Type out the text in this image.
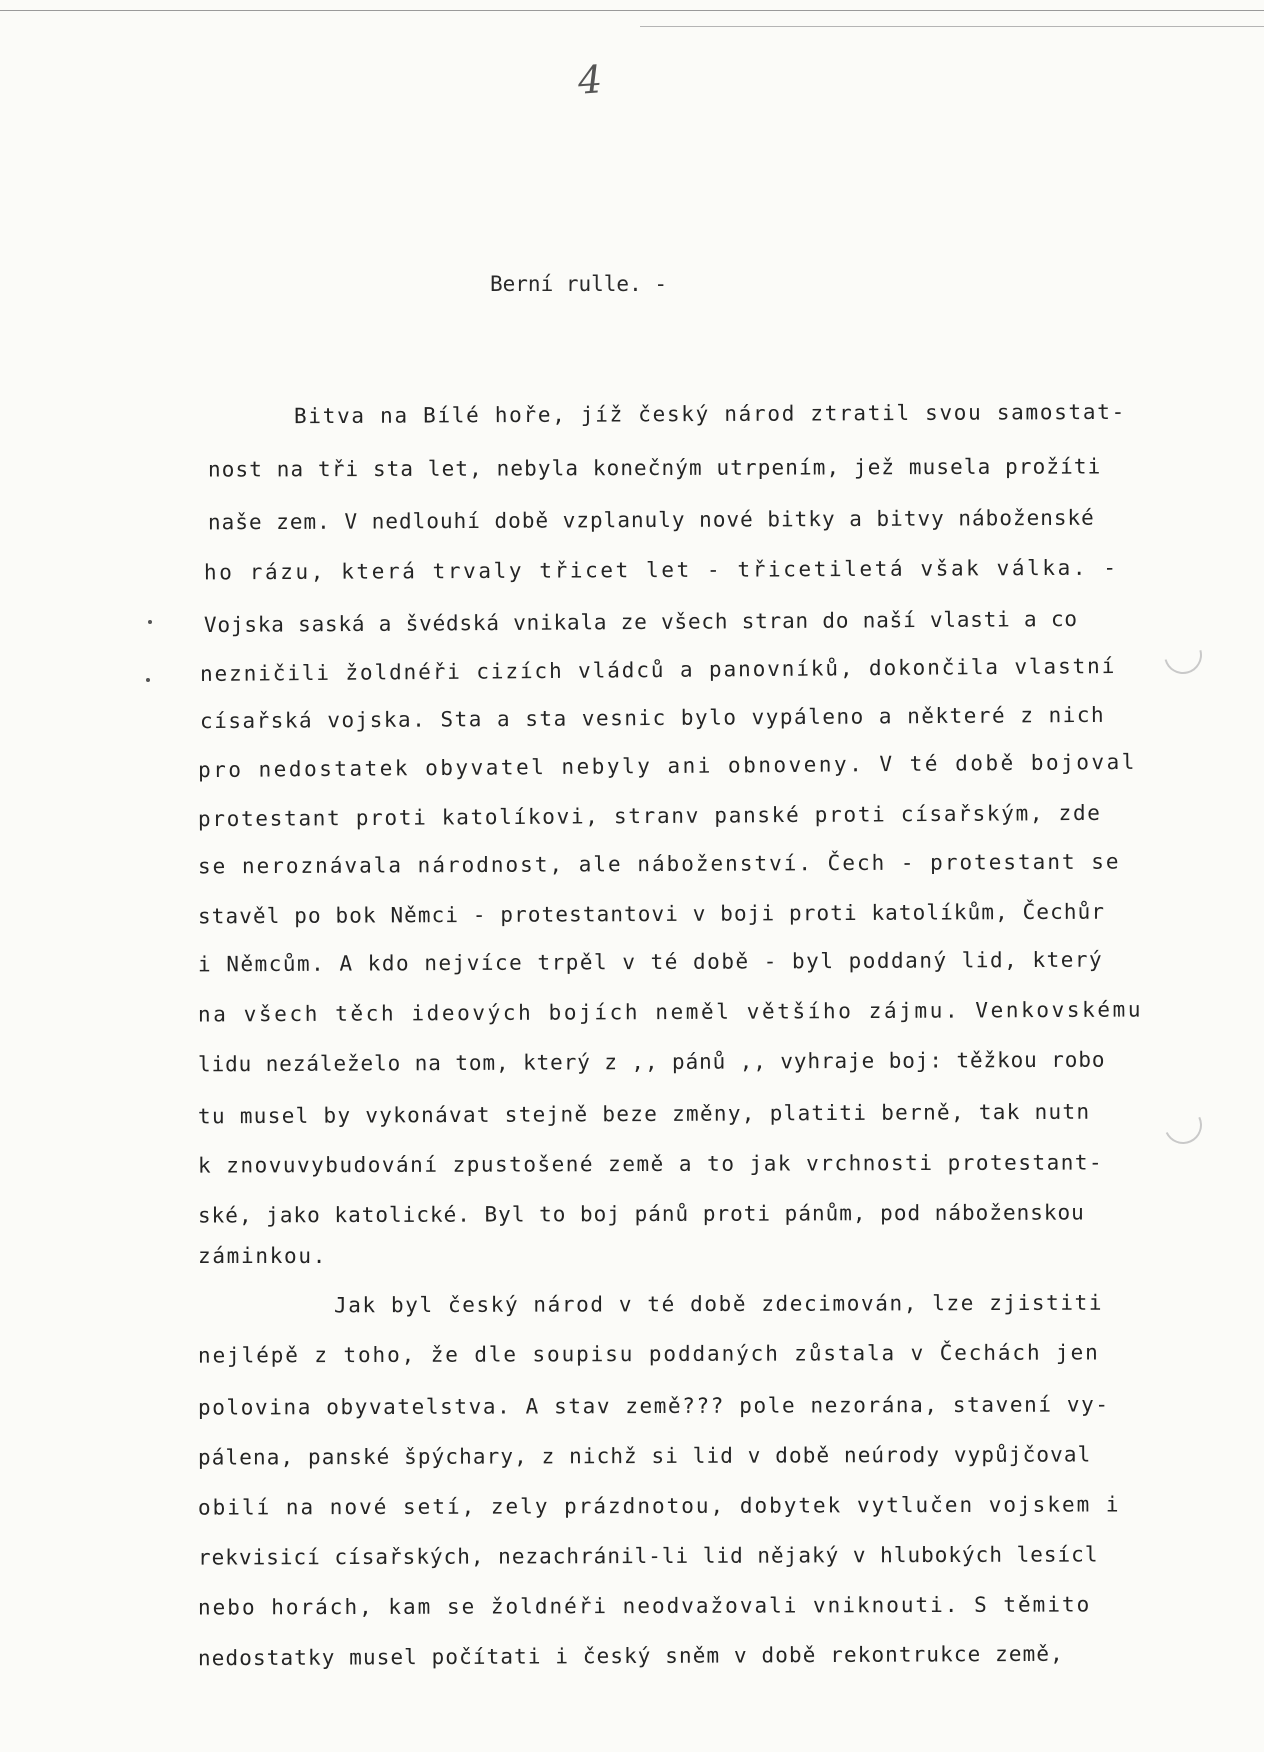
4
Berní rulle. -
Bitva na Bílé hoře, jíž český národ ztratil svou samostat-
nost na tři sta let, nebyla konečným utrpením, jež musela prožíti
naše zem. V nedlouhí době vzplanuly nové bitky a bitvy náboženské
ho rázu, která trvaly třicet let - třicetiletá však válka. -
Vojska saská a švédská vnikala ze všech stran do naší vlasti a co
nezničili žoldnéři cizích vládců a panovníků, dokončila vlastní
císařská vojska. Sta a sta vesnic bylo vypáleno a některé z nich
pro nedostatek obyvatel nebyly ani obnoveny. V té době bojoval
protestant proti katolíkovi, stranv panské proti císařským, zde
se neroznávala národnost, ale náboženství. Čech - protestant se
stavěl po bok Němci - protestantovi v boji proti katolíkům, Čechůr
i Němcům. A kdo nejvíce trpěl v té době - byl poddaný lid, který
na všech těch ideových bojích neměl většího zájmu. Venkovskému
lidu nezáleželo na tom, který z ,, pánů ,, vyhraje boj: těžkou robo
tu musel by vykonávat stejně beze změny, platiti berně, tak nutn
k znovuvybudování zpustošené země a to jak vrchnosti protestant-
ské, jako katolické. Byl to boj pánů proti pánům, pod náboženskou
záminkou.
Jak byl český národ v té době zdecimován, lze zjistiti
nejlépě z toho, že dle soupisu poddaných zůstala v Čechách jen
polovina obyvatelstva. A stav země??? pole nezorána, stavení vy-
pálena, panské špýchary, z nichž si lid v době neúrody vypůjčoval
obilí na nové setí, zely prázdnotou, dobytek vytlučen vojskem i
rekvisicí císařských, nezachránil-li lid nějaký v hlubokých lesícl
nebo horách, kam se žoldnéři neodvažovali vniknouti. S těmito
nedostatky musel počítati i český sněm v době rekontrukce země,
